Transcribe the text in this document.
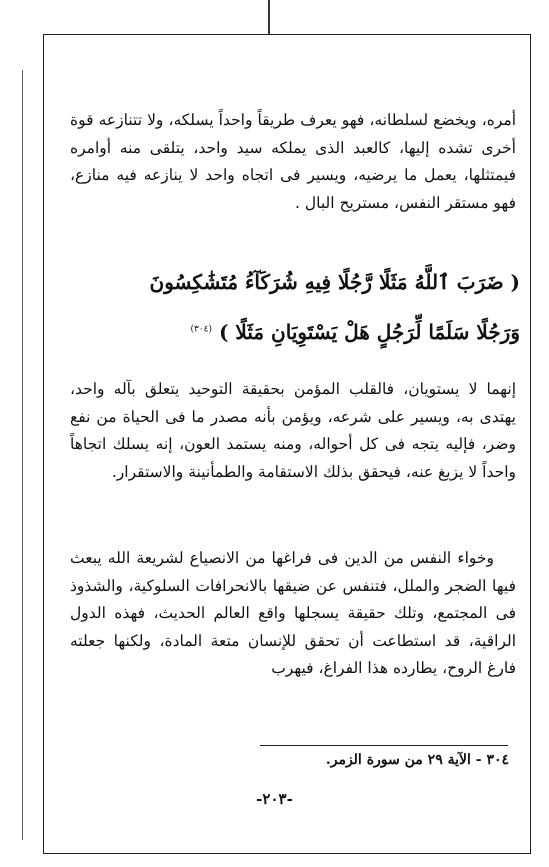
أمره، ويخضع لسلطانه، فهو يعرف طريقاً واحداً يسلكه، ولا تتنازعه قوة أخرى تشده إليها، كالعبد الذى يملكه سيد واحد، يتلقى منه أوامره فيمتثلها، يعمل ما يرضيه، ويسير فى اتجاه واحد لا ينازعه فيه منازع، فهو مستقر النفس، مستريح البال .

( ضَرَبَ ٱللَّهُ مَثَلًا رَّجُلًا فِيهِ شُرَكَآءُ مُتَشَٰكِسُونَ
وَرَجُلًا سَلَمًا لِّرَجُلٍ هَلْ يَسْتَوِيَانِ مَثَلًا ) $^{(٣٠٤)}$

إنهما لا يستويان، فالقلب المؤمن بحقيقة التوحيد يتعلق بآله واحد، يهتدى به، ويسير على شرعه، ويؤمن بأنه مصدر ما فى الحياة من نفع وضر، فإليه يتجه فى كل أحواله، ومنه يستمد العون، إنه يسلك اتجاهاً واحداً لا يزيغ عنه، فيحقق بذلك الاستقامة والطمأنينة والاستقرار.

وخواء النفس من الدين فى فراغها من الانصياع لشريعة الله يبعث فيها الضجر والملل، فتنفس عن ضيقها بالانحرافات السلوكية، والشذوذ فى المجتمع، وتلك حقيقة يسجلها واقع العالم الحديث، فهذه الدول الراقية، قد استطاعت أن تحقق للإنسان متعة المادة، ولكنها جعلته فارغ الروح، يطارده هذا الفراغ، فيهرب

٣٠٤ - الآية ٢٩ من سورة الزمر.
-٢٠٣-
